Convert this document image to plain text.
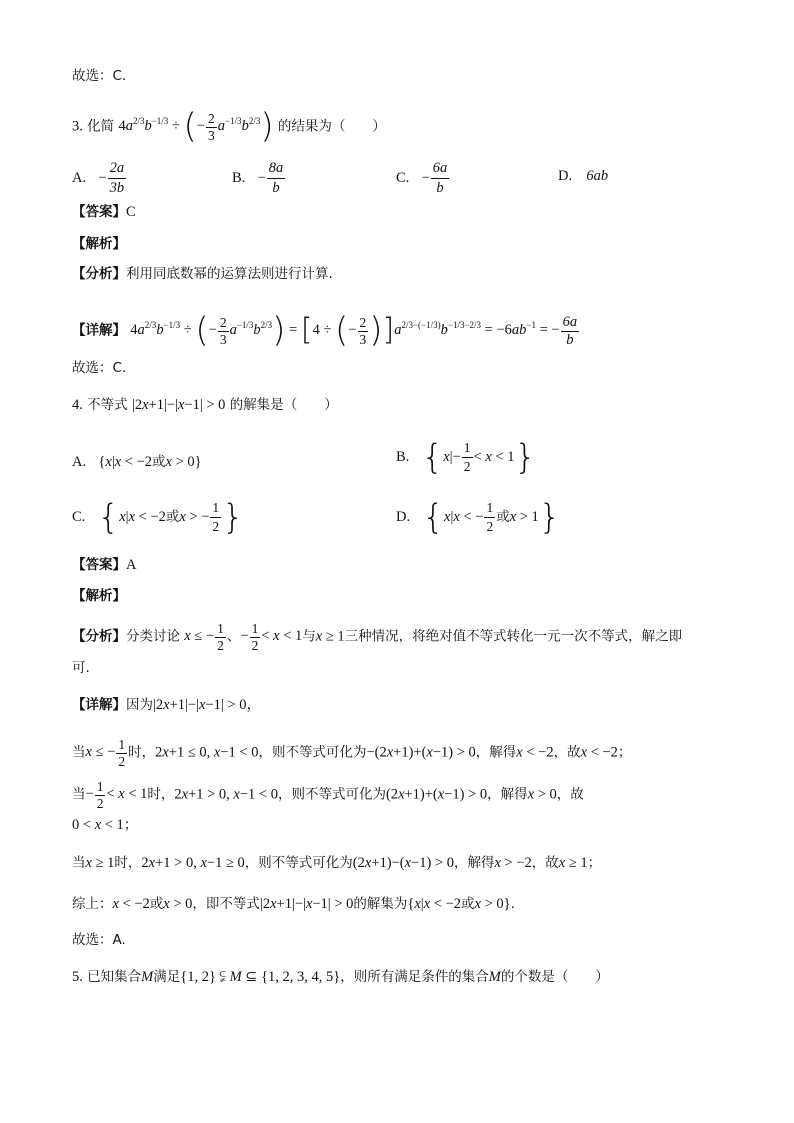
故选：C.
3. 化简 $4a^{2/3}b^{-1/3}$ ÷ (− $\frac{2}{3} a^{-1/3}b^{2/3}$) 的结果为（　　）
A. − $\frac{2a}{3b}$	B. − $\frac{8a}{b}$	C. − $\frac{6a}{b}$	D. 6ab
【答案】C
【解析】
【分析】利用同底数幂的运算法则进行计算.
【详解】 $4a^{2/3}b^{-1/3}$ ÷ (− $\frac{2}{3} a^{-1/3}b^{2/3}) = [4$ ÷ (− $\frac{2}{3} )]a^{2/3-(-1/3)}b^{-1/3-2/3} = -6ab^{-1}$ = − $\frac{6a}{b}$
故选：C.
4. 不等式 |2x+1|−|x−1| > 0 的解集是（　　）
A. {x|x < −2或x > 0}	B. $\{x|- \frac{1}{2} < x < 1\}$
C. {x|x < −2或x > − $\frac{1}{2}$ }	D. {x|x < − $\frac{1}{2}$ 或x > 1}
【答案】A
【解析】
【分析】分类讨论 x ≤ − $\frac{1}{2}$ 、− $\frac{1}{2} < x < 1$与x ≥ 1三种情况，将绝对值不等式转化一元一次不等式，解之即
可.
【详解】因为|2x+1|−|x−1| > 0，
当x ≤ − $\frac{1}{2}$ 时，2x+1 ≤ 0, x−1 < 0，则不等式可化为−(2x+1)+(x−1) > 0，解得x < −2，故x < −2；
当− $\frac{1}{2} < x < 1$时，2x+1 > 0, x−1 < 0，则不等式可化为(2x+1)+(x−1) > 0，解得x > 0，故
0 < x < 1；
当x ≥ 1时，2x+1 > 0, x−1 ≥ 0，则不等式可化为(2x+1)−(x−1) > 0，解得x > −2，故x ≥ 1；
综上：x < −2或x > 0，即不等式|2x+1|−|x−1| > 0的解集为{x|x < −2或x > 0}.
故选：A.
5. 已知集合M满足{1, 2} ⫋ M ⊆ {1, 2, 3, 4, 5}，则所有满足条件的集合M的个数是（　　）
